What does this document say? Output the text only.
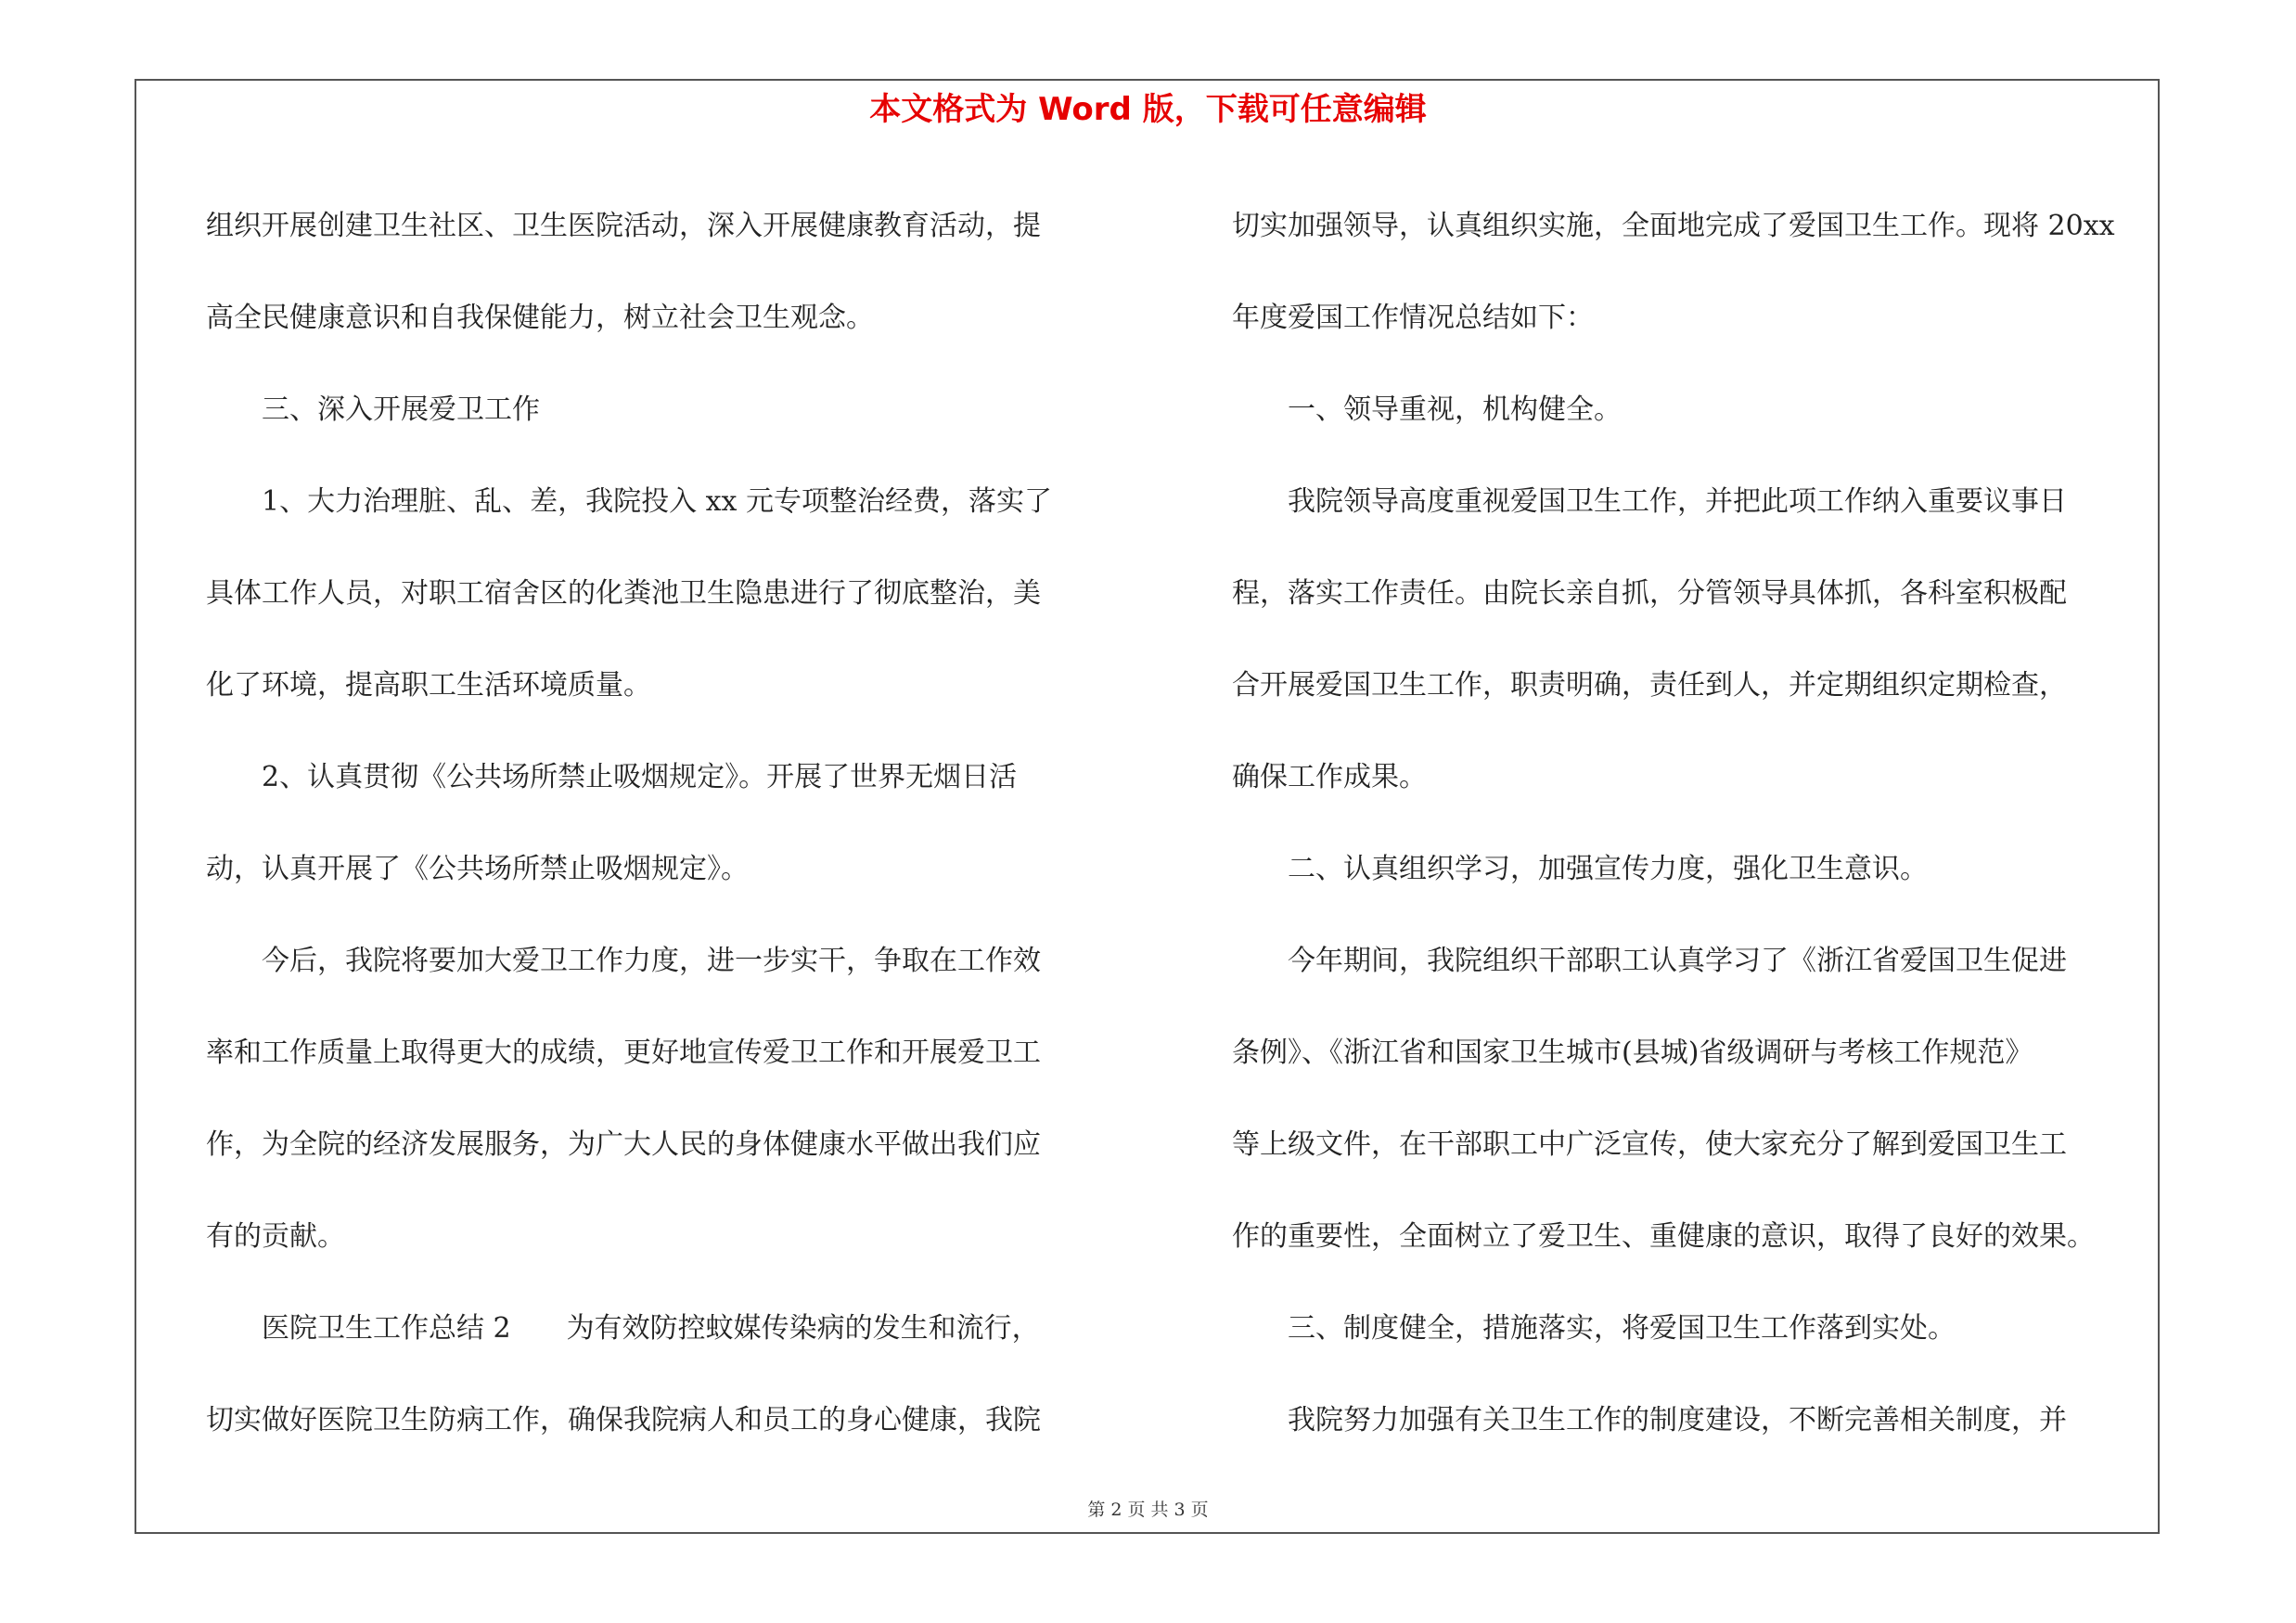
本文格式为 Word 版，下载可任意编辑
组织开展创建卫生社区、卫生医院活动，深入开展健康教育活动，提
高全民健康意识和自我保健能力，树立社会卫生观念。
　　三、深入开展爱卫工作
　　1、大力治理脏、乱、差，我院投入 xx 元专项整治经费，落实了
具体工作人员，对职工宿舍区的化粪池卫生隐患进行了彻底整治，美
化了环境，提高职工生活环境质量。
　　2、认真贯彻《公共场所禁止吸烟规定》。开展了世界无烟日活
动，认真开展了《公共场所禁止吸烟规定》。
　　今后，我院将要加大爱卫工作力度，进一步实干，争取在工作效
率和工作质量上取得更大的成绩，更好地宣传爱卫工作和开展爱卫工
作，为全院的经济发展服务，为广大人民的身体健康水平做出我们应
有的贡献。
　　医院卫生工作总结 2　　为有效防控蚊媒传染病的发生和流行，
切实做好医院卫生防病工作，确保我院病人和员工的身心健康，我院
切实加强领导，认真组织实施，全面地完成了爱国卫生工作。现将 20xx
年度爱国工作情况总结如下：
　　一、领导重视，机构健全。
　　我院领导高度重视爱国卫生工作，并把此项工作纳入重要议事日
程，落实工作责任。由院长亲自抓，分管领导具体抓，各科室积极配
合开展爱国卫生工作，职责明确，责任到人，并定期组织定期检查，
确保工作成果。
　　二、认真组织学习，加强宣传力度，强化卫生意识。
　　今年期间，我院组织干部职工认真学习了《浙江省爱国卫生促进
条例》、《浙江省和国家卫生城市(县城)省级调研与考核工作规范》
等上级文件，在干部职工中广泛宣传，使大家充分了解到爱国卫生工
作的重要性，全面树立了爱卫生、重健康的意识，取得了良好的效果。
　　三、制度健全，措施落实，将爱国卫生工作落到实处。
　　我院努力加强有关卫生工作的制度建设，不断完善相关制度，并
第 2 页 共 3 页
